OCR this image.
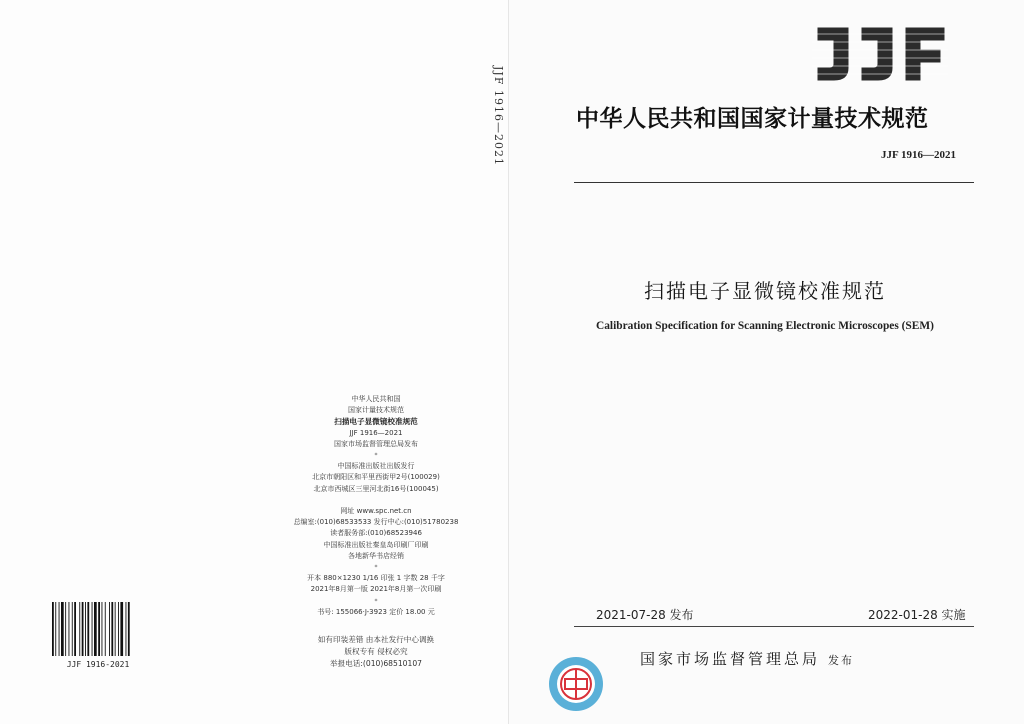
中华人民共和国
国家计量技术规范
扫描电子显微镜校准规范
JJF 1916—2021
国家市场监督管理总局发布
*
中国标准出版社出版发行
北京市朝阳区和平里西街甲2号(100029)
北京市西城区三里河北街16号(100045)

网址 www.spc.net.cn
总编室:(010)68533533 发行中心:(010)51780238
读者服务部:(010)68523946
中国标准出版社秦皇岛印刷厂印刷
各地新华书店经销
*
开本 880×1230 1/16 印张 1 字数 28 千字
2021年8月第一版 2021年8月第一次印刷
*
书号: 155066·J-3923 定价 18.00 元
JJF 1916-2021
如有印装差错 由本社发行中心调换
版权专有 侵权必究
举报电话:(010)68510107
JJF 1916—2021	中华人民共和国国家计量技术规范
JJF 1916—2021
扫描电子显微镜校准规范
Calibration Specification for Scanning Electronic Microscopes (SEM)
2021-07-28 发布	2022-01-28 实施
国家市场监督管理总局 发布
